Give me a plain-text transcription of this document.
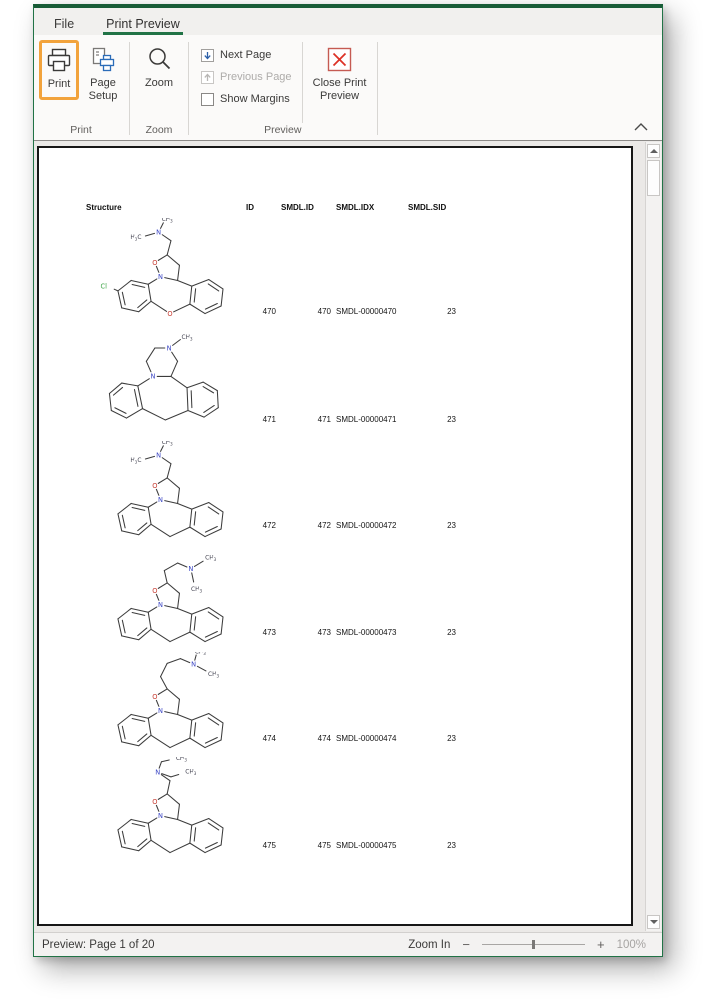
File	Print Preview
Print	Page Setup
Print
Zoom
Zoom
Next Page
Previous Page
Show Margins
Close Print Preview
Preview
Structure	ID	SMDL.ID	SMDL.IDX	SMDL.SID
O
N
O
Cl
N
$CH_3$
$H_3C$
470	470 SMDL-00000470	23
$CH_3$
N
N
471	471 SMDL-00000471	23
N
O
N
$CH_3$
$H_3C$
472	472 SMDL-00000472	23
N
O
N
$CH_3$
$CH_3$
473	473 SMDL-00000473	23
N
O
N
$CH_3$
$CH_3$
474	474 SMDL-00000474	23
N
O
N
$CH_3$
$CH_3$
475	475 SMDL-00000475	23
Preview: Page 1 of 20	Zoom In −	+ 100%
